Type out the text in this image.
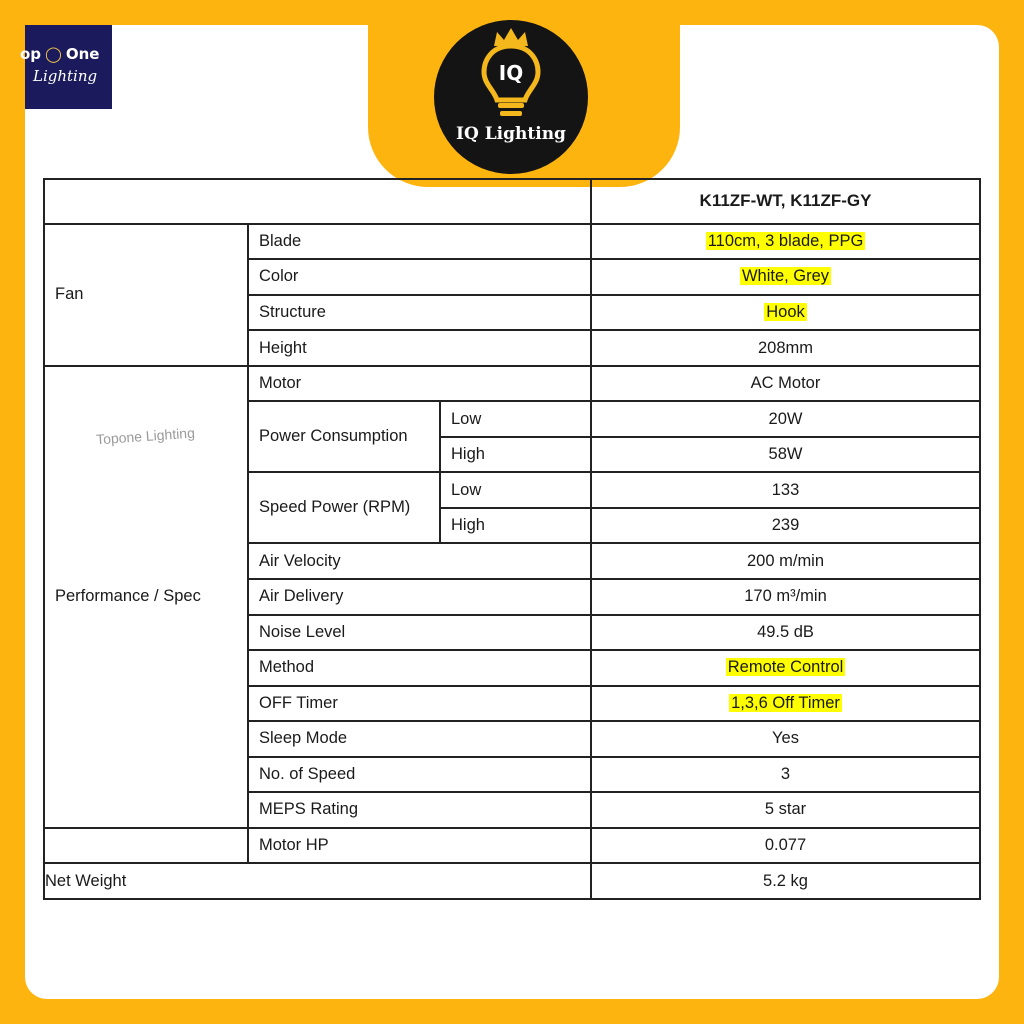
op ◯ One
Lighting	IQ
IQ Lighting
Topone Lighting
			K11ZF-WT, K11ZF-GY
Fan	Blade		110cm, 3 blade, PPG
	Color		White, Grey
	Structure		Hook
	Height		208mm
Performance / Spec	Motor		AC Motor
	Power Consumption	Low	20W
		High	58W
	Speed Power (RPM)	Low	133
		High	239
	Air Velocity		200 m/min
	Air Delivery		170 m³/min
	Noise Level		49.5 dB
	Method		Remote Control
	OFF Timer		1,3,6 Off Timer
	Sleep Mode		Yes
	No. of Speed		3
	MEPS Rating		5 star
	Motor HP		0.077
Net Weight			5.2 kg
